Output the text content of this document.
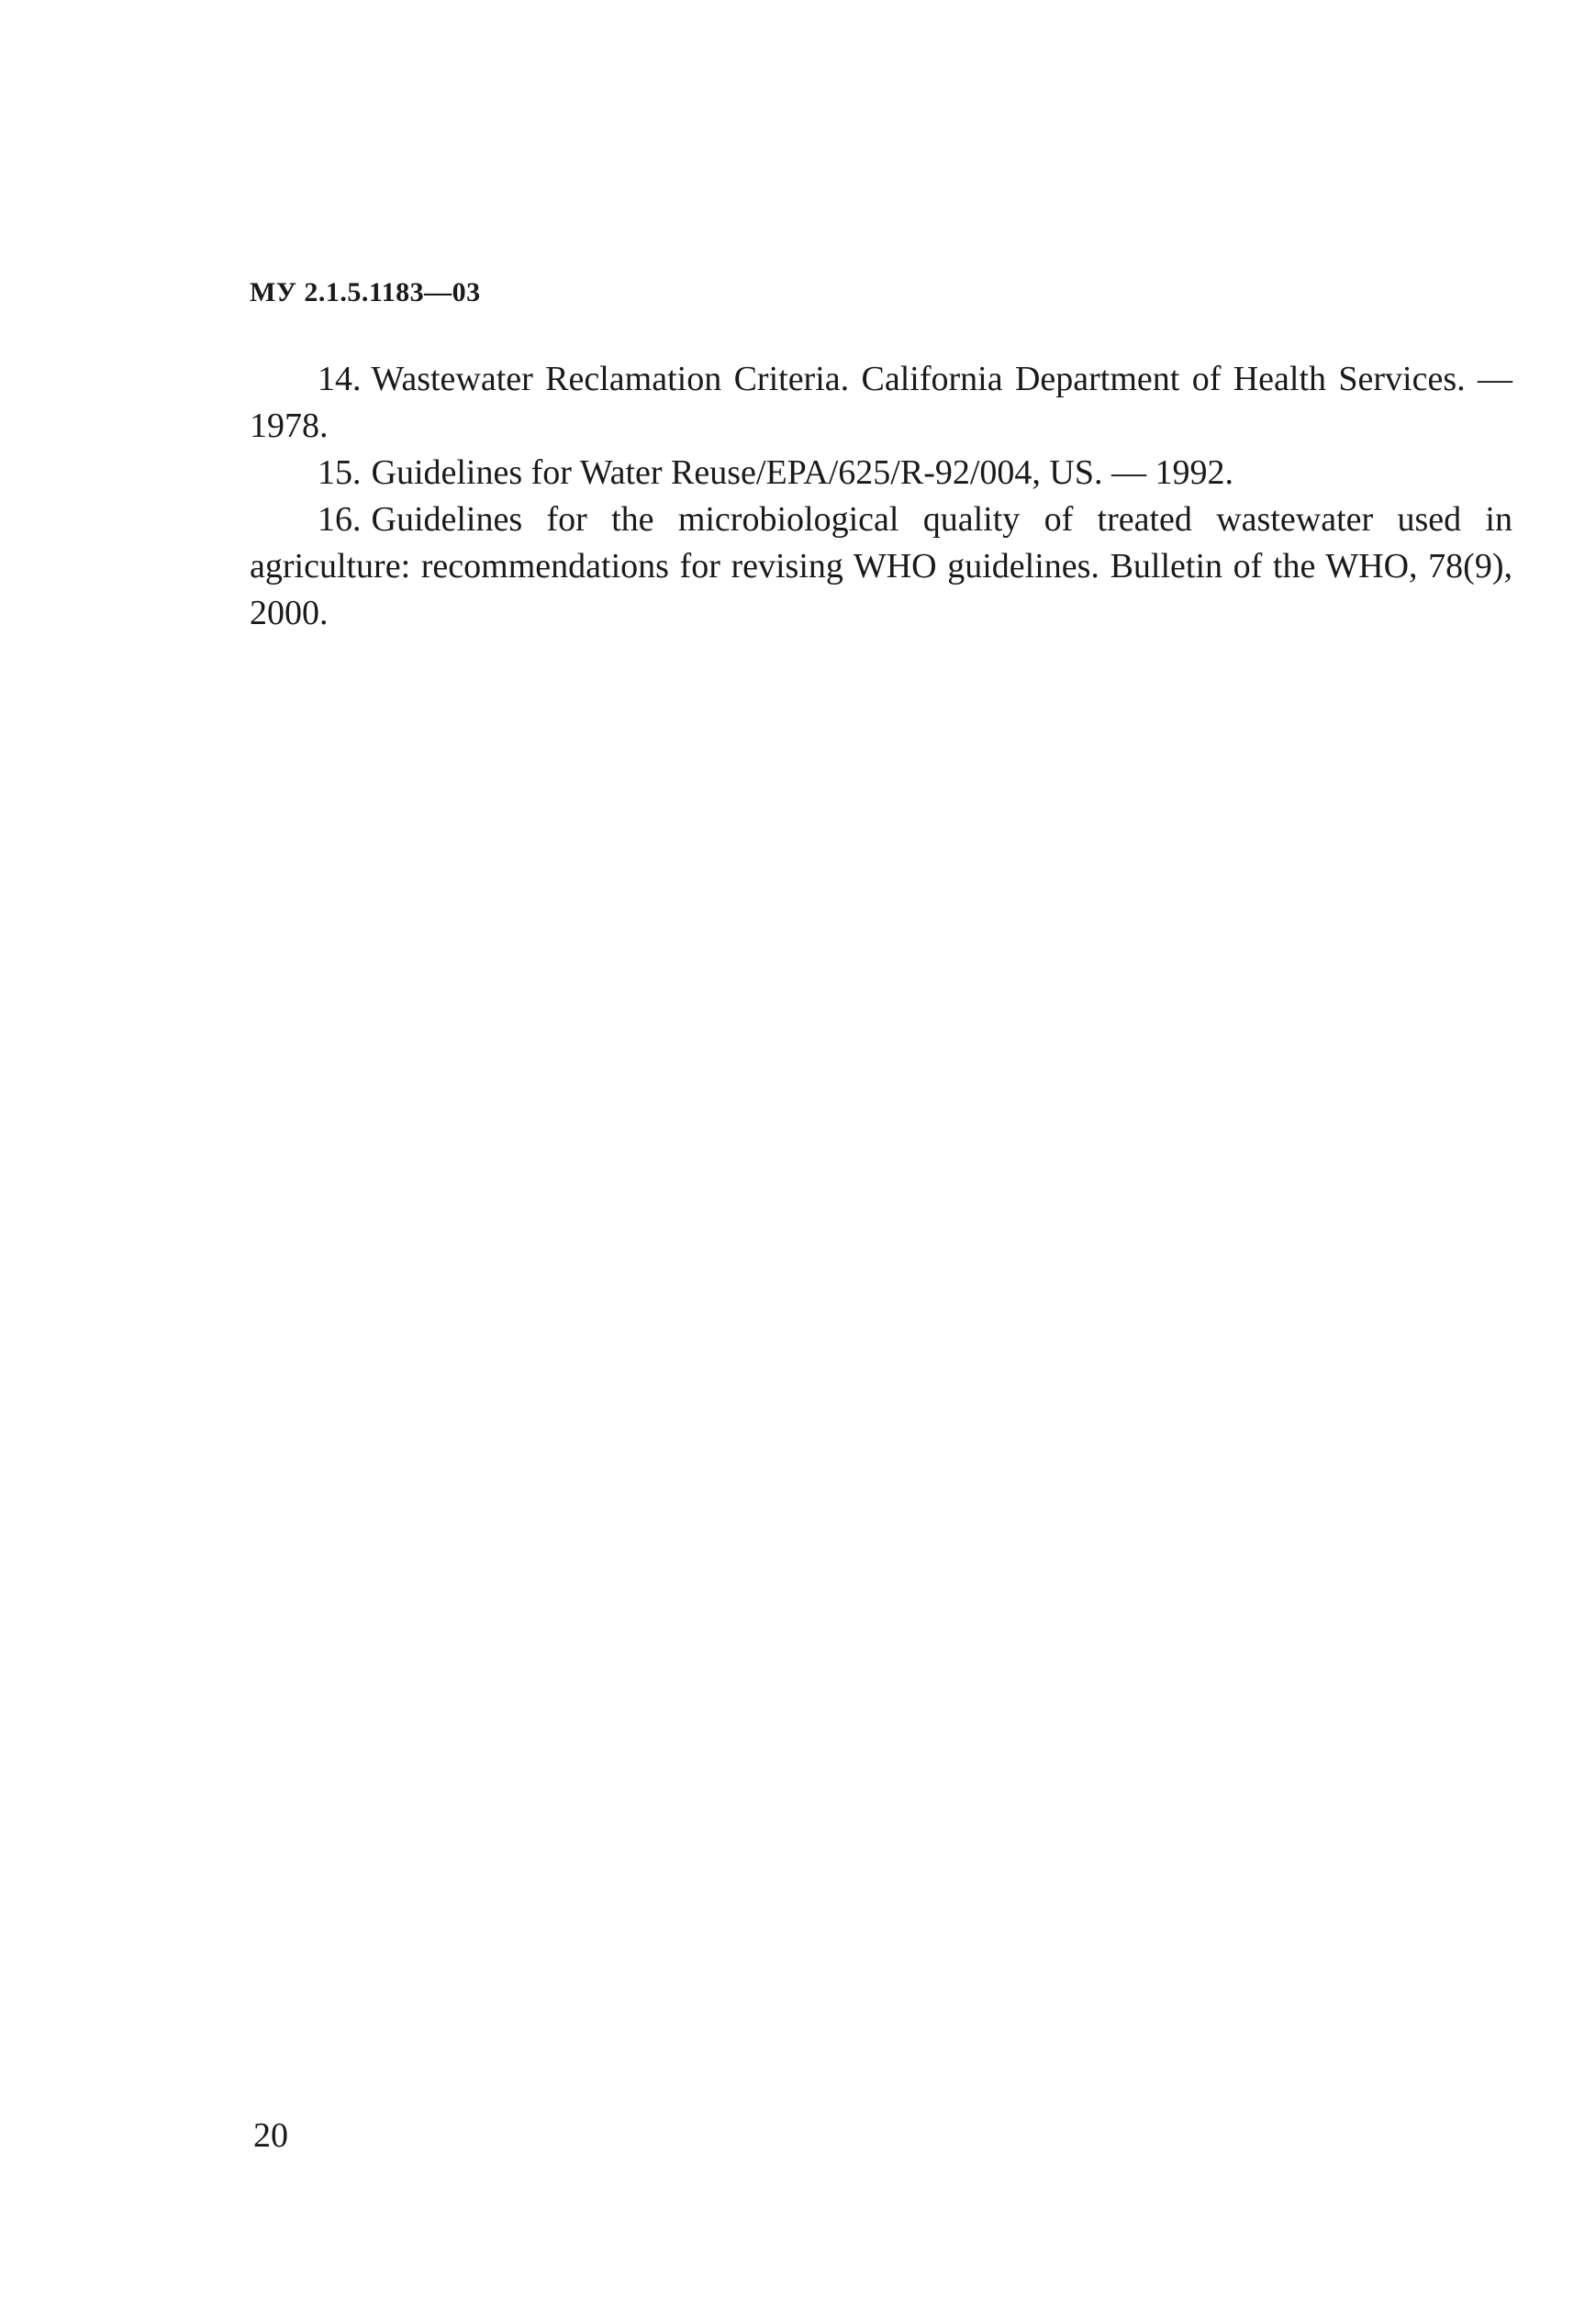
МУ 2.1.5.1183—03
14. Wastewater Reclamation Criteria. California Department of Health Services. — 1978.
15. Guidelines for Water Reuse/EPA/625/R-92/004, US. — 1992.
16. Guidelines for the microbiological quality of treated wastewater used in agriculture: recommendations for revising WHO guidelines. Bulletin of the WHO, 78(9), 2000.
20
